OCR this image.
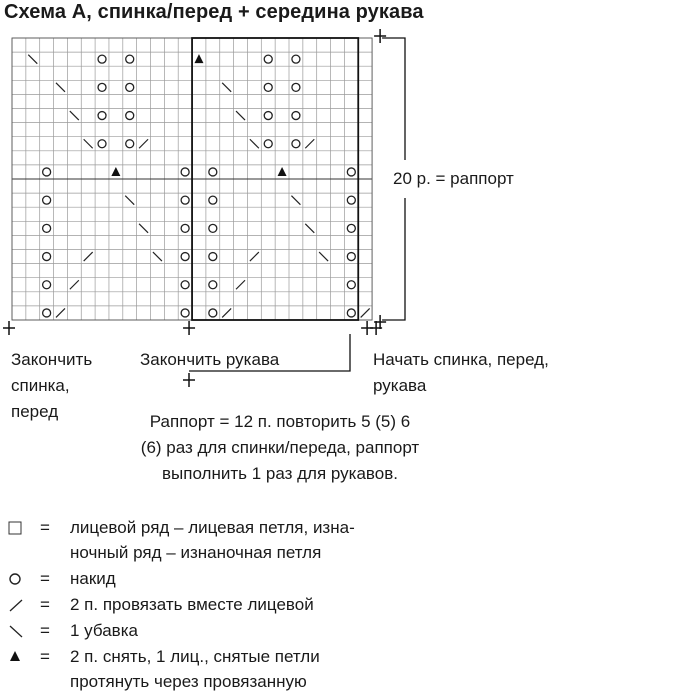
Схема А, спинка/перед + середина рукава
20 р. = раппорт
Закончить
спинка,
перед
Закончить рукава	Начать спинка, перед,
рукава
Раппорт = 12 п. повторить 5 (5) 6
(6) раз для спинки/переда, раппорт
выполнить 1 раз для рукавов.
= лицевой ряд – лицевая петля, изна-
ночный ряд – изнаночная петля
= накид
= 2 п. провязать вместе лицевой
= 1 убавка
= 2 п. снять, 1 лиц., снятые петли
протянуть через провязанную
